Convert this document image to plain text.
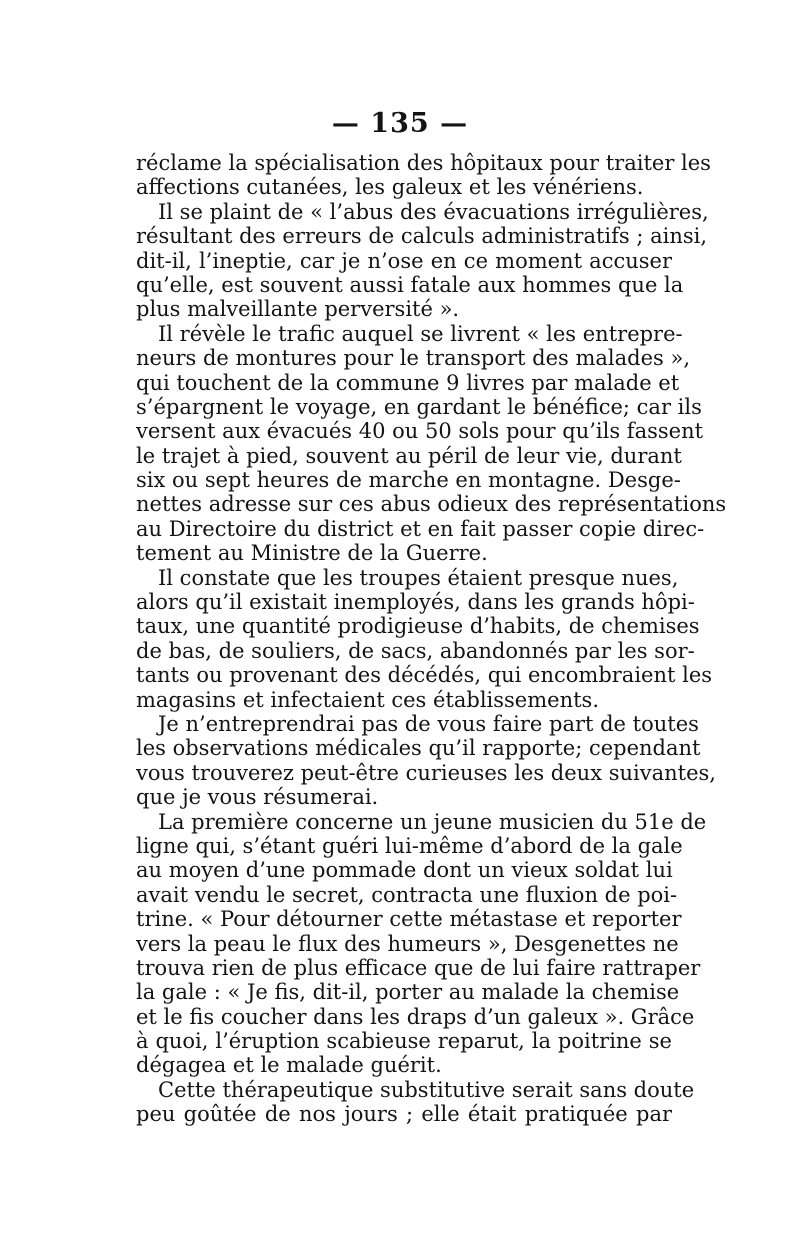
— 135 —
réclame la spécialisation des hôpitaux pour traiter les
affections cutanées, les galeux et les vénériens.
Il se plaint de « l’abus des évacuations irrégulières,
résultant des erreurs de calculs administratifs ; ainsi,
dit-il, l’ineptie, car je n’ose en ce moment accuser
qu’elle, est souvent aussi fatale aux hommes que la
plus malveillante perversité ».
Il révèle le trafic auquel se livrent « les entrepre-
neurs de montures pour le transport des malades »,
qui touchent de la commune 9 livres par malade et
s’épargnent le voyage, en gardant le bénéfice; car ils
versent aux évacués 40 ou 50 sols pour qu’ils fassent
le trajet à pied, souvent au péril de leur vie, durant
six ou sept heures de marche en montagne. Desge-
nettes adresse sur ces abus odieux des représentations
au Directoire du district et en fait passer copie direc-
tement au Ministre de la Guerre.
Il constate que les troupes étaient presque nues,
alors qu’il existait inemployés, dans les grands hôpi-
taux, une quantité prodigieuse d’habits, de chemises
de bas, de souliers, de sacs, abandonnés par les sor-
tants ou provenant des décédés, qui encombraient les
magasins et infectaient ces établissements.
Je n’entreprendrai pas de vous faire part de toutes
les observations médicales qu’il rapporte; cependant
vous trouverez peut-être curieuses les deux suivantes,
que je vous résumerai.
La première concerne un jeune musicien du 51e de
ligne qui, s’étant guéri lui-même d’abord de la gale
au moyen d’une pommade dont un vieux soldat lui
avait vendu le secret, contracta une fluxion de poi-
trine. « Pour détourner cette métastase et reporter
vers la peau le flux des humeurs », Desgenettes ne
trouva rien de plus efficace que de lui faire rattraper
la gale : « Je fis, dit-il, porter au malade la chemise
et le fis coucher dans les draps d’un galeux ». Grâce
à quoi, l’éruption scabieuse reparut, la poitrine se
dégagea et le malade guérit.
Cette thérapeutique substitutive serait sans doute
peu goûtée de nos jours ; elle était pratiquée par
